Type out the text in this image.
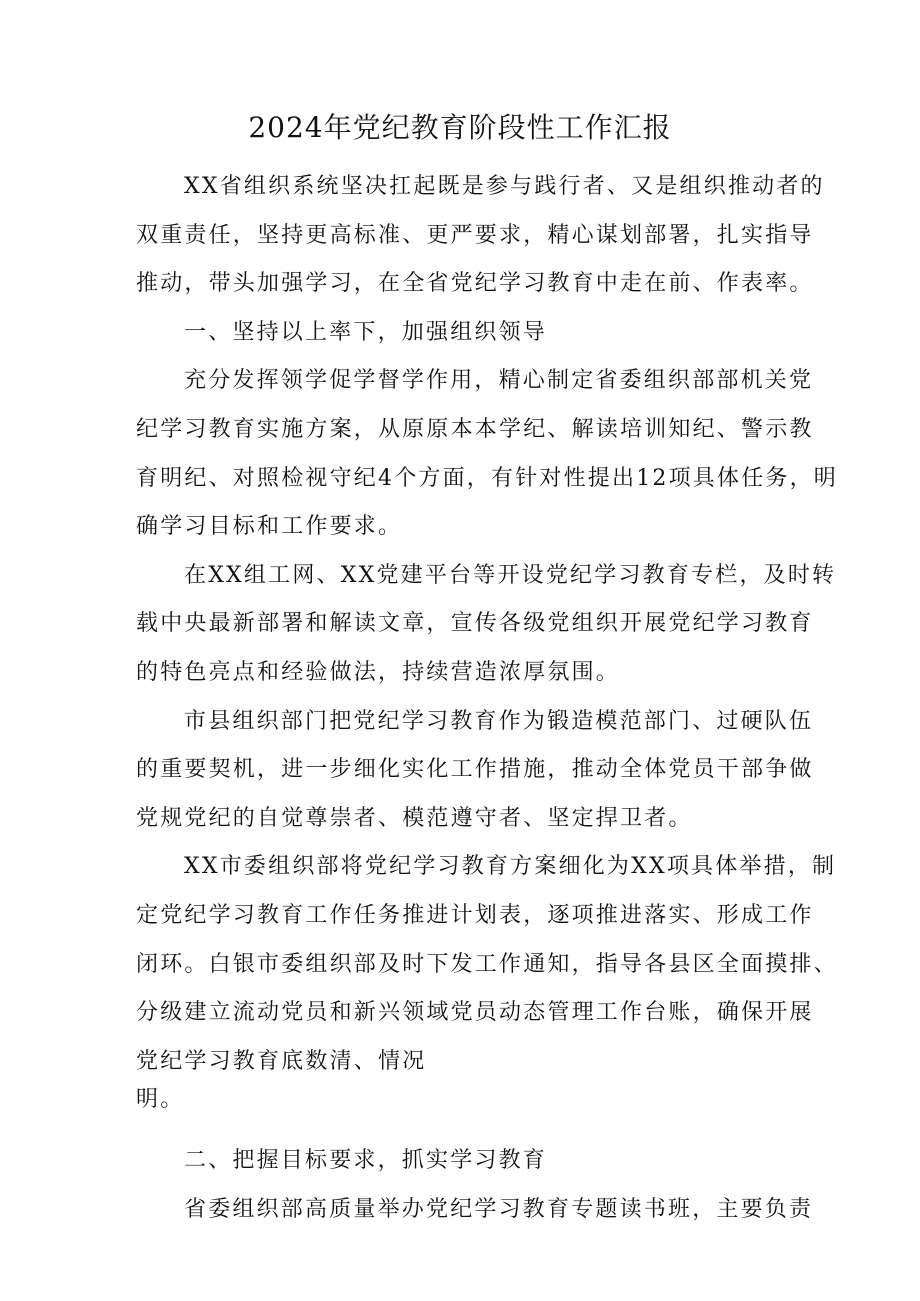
2024年党纪教育阶段性工作汇报
XX省组织系统坚决扛起既是参与践行者、又是组织推动者的
双重责任，坚持更高标准、更严要求，精心谋划部署，扎实指导
推动，带头加强学习，在全省党纪学习教育中走在前、作表率。
一、坚持以上率下，加强组织领导
充分发挥领学促学督学作用，精心制定省委组织部部机关党
纪学习教育实施方案，从原原本本学纪、解读培训知纪、警示教
育明纪、对照检视守纪4个方面，有针对性提出12项具体任务，明
确学习目标和工作要求。
在XX组工网、XX党建平台等开设党纪学习教育专栏，及时转
载中央最新部署和解读文章，宣传各级党组织开展党纪学习教育
的特色亮点和经验做法，持续营造浓厚氛围。
市县组织部门把党纪学习教育作为锻造模范部门、过硬队伍
的重要契机，进一步细化实化工作措施，推动全体党员干部争做
党规党纪的自觉尊崇者、模范遵守者、坚定捍卫者。
XX市委组织部将党纪学习教育方案细化为XX项具体举措，制
定党纪学习教育工作任务推进计划表，逐项推进落实、形成工作
闭环。白银市委组织部及时下发工作通知，指导各县区全面摸排、
分级建立流动党员和新兴领域党员动态管理工作台账，确保开展
党纪学习教育底数清、情况
明。
二、把握目标要求，抓实学习教育
省委组织部高质量举办党纪学习教育专题读书班，主要负责
